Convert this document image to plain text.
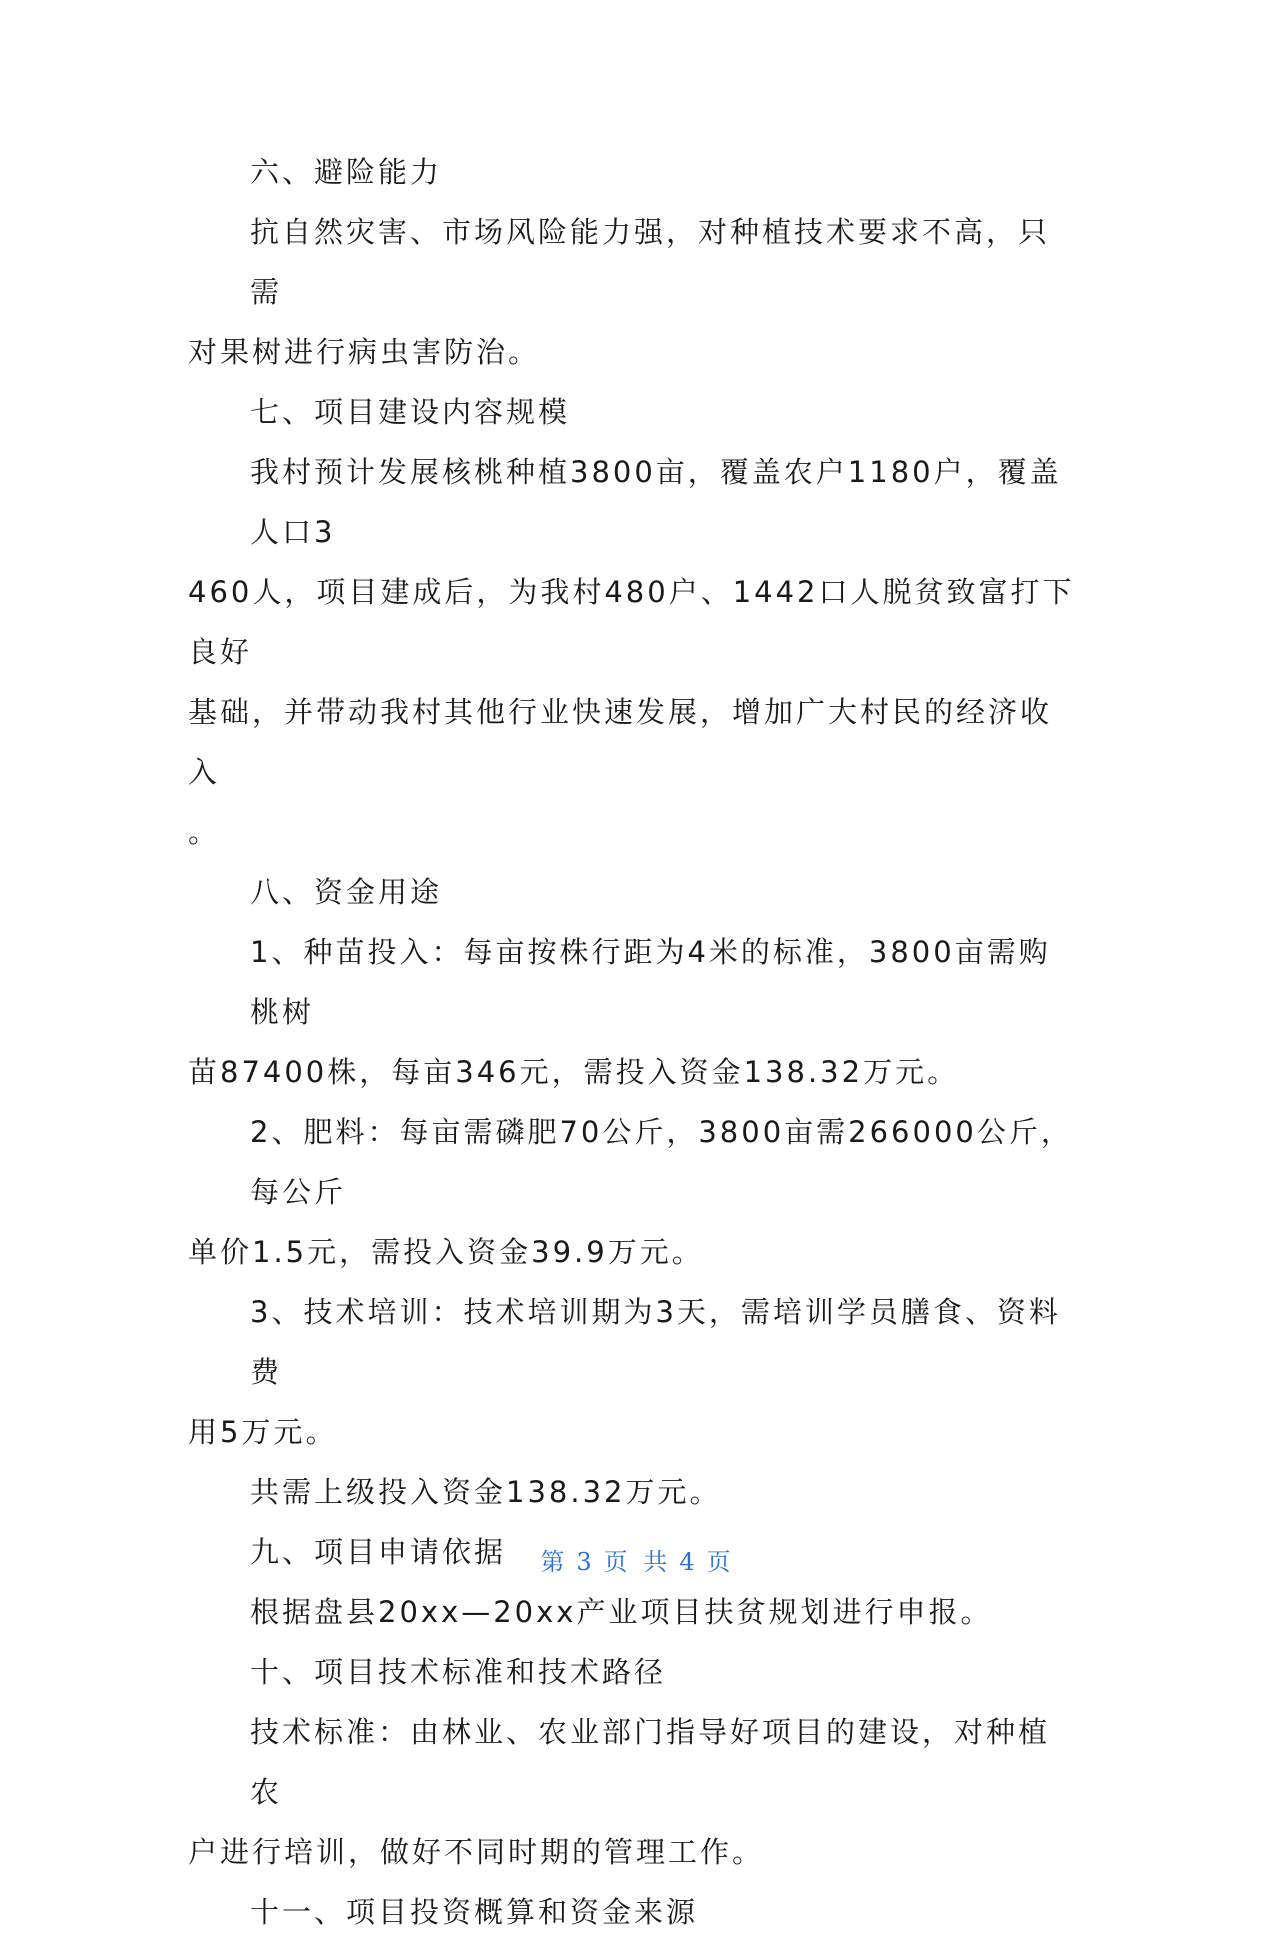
六、避险能力

抗自然灾害、市场风险能力强，对种植技术要求不高，只需
对果树进行病虫害防治。

七、项目建设内容规模

我村预计发展核桃种植3800亩，覆盖农户1180户，覆盖人口3
460人，项目建成后，为我村480户、1442口人脱贫致富打下良好
基础，并带动我村其他行业快速发展，增加广大村民的经济收入
。

八、资金用途

1、种苗投入：每亩按株行距为4米的标准，3800亩需购桃树
苗87400株，每亩346元，需投入资金138.32万元。

2、肥料：每亩需磷肥70公斤，3800亩需266000公斤，每公斤
单价1.5元，需投入资金39.9万元。

3、技术培训：技术培训期为3天，需培训学员膳食、资料费
用5万元。

共需上级投入资金138.32万元。

九、项目申请依据

根据盘县20xx—20xx产业项目扶贫规划进行申报。

十、项目技术标准和技术路径

技术标准：由林业、农业部门指导好项目的建设，对种植农
户进行培训，做好不同时期的管理工作。

十一、项目投资概算和资金来源

第 3 页 共 4 页
